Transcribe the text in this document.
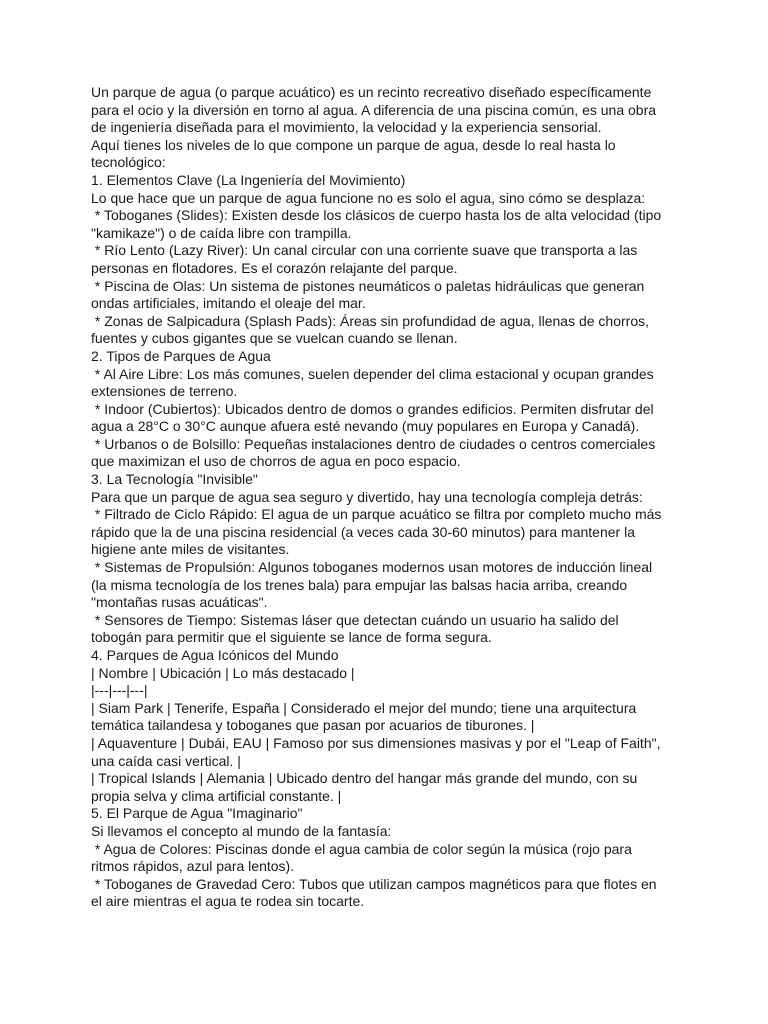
Un parque de agua (o parque acuático) es un recinto recreativo diseñado específicamente
para el ocio y la diversión en torno al agua. A diferencia de una piscina común, es una obra
de ingeniería diseñada para el movimiento, la velocidad y la experiencia sensorial.
Aquí tienes los niveles de lo que compone un parque de agua, desde lo real hasta lo
tecnológico:
1. Elementos Clave (La Ingeniería del Movimiento)
Lo que hace que un parque de agua funcione no es solo el agua, sino cómo se desplaza:
* Toboganes (Slides): Existen desde los clásicos de cuerpo hasta los de alta velocidad (tipo
"kamikaze") o de caída libre con trampilla.
* Río Lento (Lazy River): Un canal circular con una corriente suave que transporta a las
personas en flotadores. Es el corazón relajante del parque.
* Piscina de Olas: Un sistema de pistones neumáticos o paletas hidráulicas que generan
ondas artificiales, imitando el oleaje del mar.
* Zonas de Salpicadura (Splash Pads): Áreas sin profundidad de agua, llenas de chorros,
fuentes y cubos gigantes que se vuelcan cuando se llenan.
2. Tipos de Parques de Agua
* Al Aire Libre: Los más comunes, suelen depender del clima estacional y ocupan grandes
extensiones de terreno.
* Indoor (Cubiertos): Ubicados dentro de domos o grandes edificios. Permiten disfrutar del
agua a 28°C o 30°C aunque afuera esté nevando (muy populares en Europa y Canadá).
* Urbanos o de Bolsillo: Pequeñas instalaciones dentro de ciudades o centros comerciales
que maximizan el uso de chorros de agua en poco espacio.
3. La Tecnología "Invisible"
Para que un parque de agua sea seguro y divertido, hay una tecnología compleja detrás:
* Filtrado de Ciclo Rápido: El agua de un parque acuático se filtra por completo mucho más
rápido que la de una piscina residencial (a veces cada 30-60 minutos) para mantener la
higiene ante miles de visitantes.
* Sistemas de Propulsión: Algunos toboganes modernos usan motores de inducción lineal
(la misma tecnología de los trenes bala) para empujar las balsas hacia arriba, creando
"montañas rusas acuáticas".
* Sensores de Tiempo: Sistemas láser que detectan cuándo un usuario ha salido del
tobogán para permitir que el siguiente se lance de forma segura.
4. Parques de Agua Icónicos del Mundo
| Nombre | Ubicación | Lo más destacado |
|---|---|---|
| Siam Park | Tenerife, España | Considerado el mejor del mundo; tiene una arquitectura
temática tailandesa y toboganes que pasan por acuarios de tiburones. |
| Aquaventure | Dubái, EAU | Famoso por sus dimensiones masivas y por el "Leap of Faith",
una caída casi vertical. |
| Tropical Islands | Alemania | Ubicado dentro del hangar más grande del mundo, con su
propia selva y clima artificial constante. |
5. El Parque de Agua "Imaginario"
Si llevamos el concepto al mundo de la fantasía:
* Agua de Colores: Piscinas donde el agua cambia de color según la música (rojo para
ritmos rápidos, azul para lentos).
* Toboganes de Gravedad Cero: Tubos que utilizan campos magnéticos para que flotes en
el aire mientras el agua te rodea sin tocarte.
